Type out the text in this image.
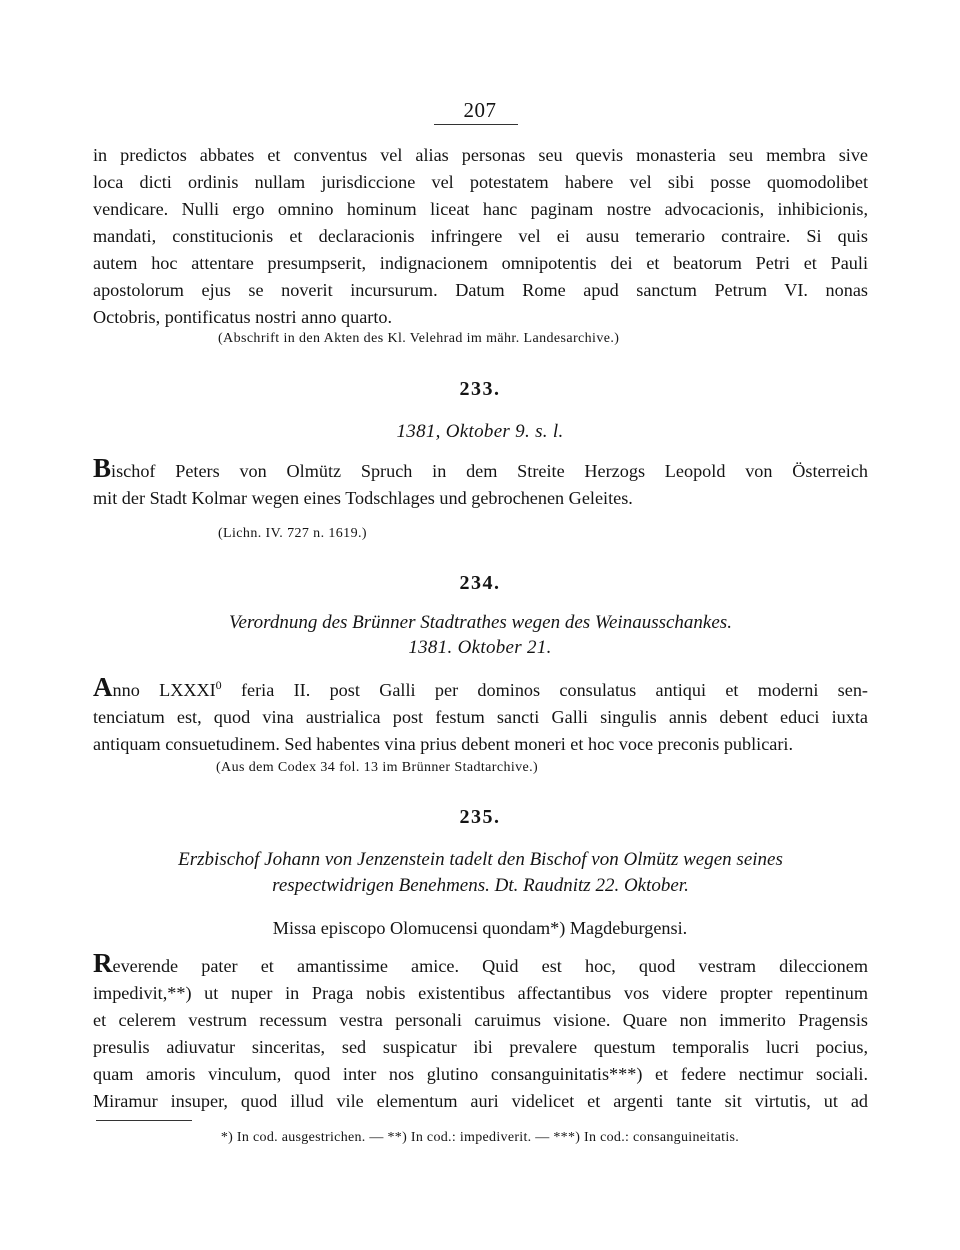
207

in predictos abbates et conventus vel alias personas seu quevis monasteria seu membra sive
loca dicti ordinis nullam jurisdiccione vel potestatem habere vel sibi posse quomodolibet
vendicare. Nulli ergo omnino hominum liceat hanc paginam nostre advocacionis, inhibicionis,
mandati, constitucionis et declaracionis infringere vel ei ausu temerario contraire. Si quis
autem hoc attentare presumpserit, indignacionem omnipotentis dei et beatorum Petri et Pauli
apostolorum ejus se noverit incursurum. Datum Rome apud sanctum Petrum VI. nonas
Octobris, pontificatus nostri anno quarto.

(Abschrift in den Akten des Kl. Velehrad im mähr. Landesarchive.)
233.
1381, Oktober 9. s. l.

Bischof Peters von Olmütz Spruch in dem Streite Herzogs Leopold von Österreich
mit der Stadt Kolmar wegen eines Todschlages und gebrochenen Geleites.

(Lichn. IV. 727 n. 1619.)
234.
Verordnung des Brünner Stadtrathes wegen des Weinausschankes.
1381. Oktober 21.

Anno LXXXI$^0$ feria II. post Galli per dominos consulatus antiqui et moderni sen-
tenciatum est, quod vina austrialica post festum sancti Galli singulis annis debent educi iuxta
antiquam consuetudinem. Sed habentes vina prius debent moneri et hoc voce preconis publicari.

(Aus dem Codex 34 fol. 13 im Brünner Stadtarchive.)
235.
Erzbischof Johann von Jenzenstein tadelt den Bischof von Olmütz wegen seines
respectwidrigen Benehmens. Dt. Raudnitz 22. Oktober.
Missa episcopo Olomucensi quondam*) Magdeburgensi.

Reverende pater et amantissime amice. Quid est hoc, quod vestram dileccionem
impedivit,**) ut nuper in Praga nobis existentibus affectantibus vos videre propter repentinum
et celerem vestrum recessum vestra personali caruimus visione. Quare non immerito Pragensis
presulis adiuvatur sinceritas, sed suspicatur ibi prevalere questum temporalis lucri pocius,
quam amoris vinculum, quod inter nos glutino consanguinitatis***) et federe nectimur sociali.
Miramur insuper, quod illud vile elementum auri videlicet et argenti tante sit virtutis, ut ad

*) In cod. ausgestrichen. — **) In cod.: impediverit. — ***) In cod.: consanguineitatis.
